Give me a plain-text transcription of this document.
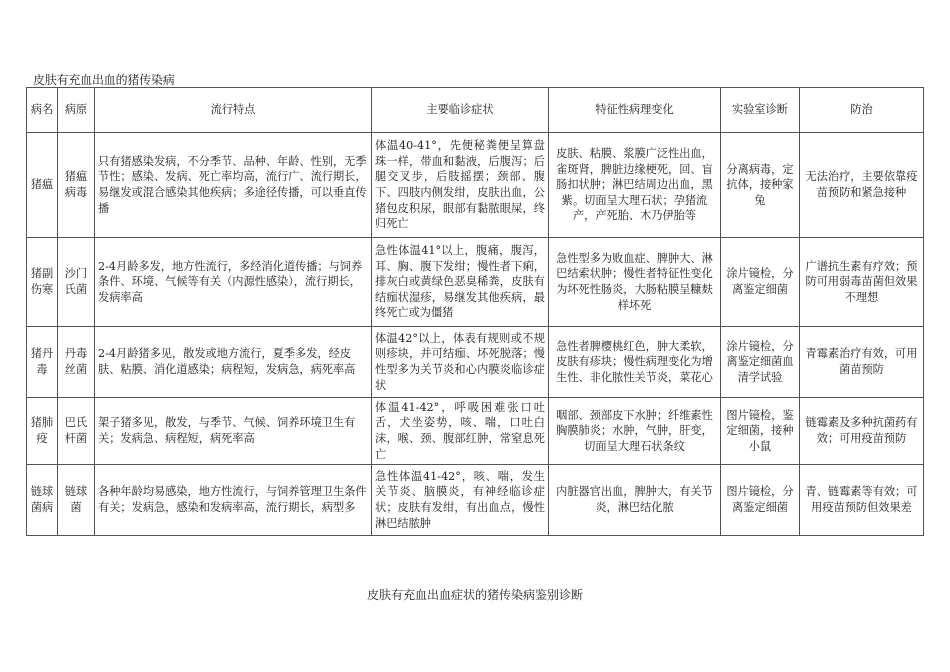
皮肤有充血出血的猪传染病
病名	病原	流行特点	主要临诊症状	特征性病理变化	实验室诊断	防治
猪瘟	猪瘟病毒	只有猪感染发病，不分季节、品种、年龄、性别，无季节性；感染、发病、死亡率均高，流行广、流行期长，易继发或混合感染其他疾病；多途径传播，可以垂直传播	体温40-41°，先便秘粪便呈算盘珠一样，带血和黏液，后腹泻；后腿交叉步，后肢摇摆；颈部、腹下、四肢内侧发绀，皮肤出血，公猪包皮积尿，眼部有黏脓眼屎，终归死亡	皮肤、粘膜、浆膜广泛性出血，雀斑肾，脾脏边缘梗死，回、盲肠扣状肿；淋巴结周边出血，黑紫。切面呈大理石状；孕猪流产，产死胎、木乃伊胎等	分离病毒，定抗体，接种家兔	无法治疗，主要依靠疫苗预防和紧急接种
猪副伤寒	沙门氏菌	2-4月龄多发，地方性流行，多经消化道传播；与饲养条件、环境、气候等有关（内源性感染），流行期长，发病率高	急性体温41°以上，腹痛，腹泻，耳、胸、腹下发绀；慢性者下痢，排灰白或黄绿色恶臭稀粪，皮肤有结痂状湿疹，易继发其他疾病，最终死亡或为僵猪	急性型多为败血症、脾肿大、淋巴结索状肿；慢性者特征性变化为坏死性肠炎，大肠粘膜呈糠麸样坏死	涂片镜检，分离鉴定细菌	广谱抗生素有疗效；预防可用弱毒苗菌但效果不理想
猪丹毒	丹毒丝菌	2-4月龄猪多见，散发或地方流行，夏季多发，经皮肤、粘膜、消化道感染；病程短，发病急，病死率高	体温42°以上，体表有规则或不规则疹块，并可结痂、坏死脱落；慢性型多为关节炎和心内膜炎临诊症状	急性者脾樱桃红色，肿大柔软，皮肤有疹块；慢性病理变化为增生性、非化脓性关节炎，菜花心	涂片镜检，分离鉴定细菌血清学试验	青霉素治疗有效，可用菌苗预防
猪肺疫	巴氏杆菌	架子猪多见，散发，与季节、气候、饲养环境卫生有关；发病急、病程短，病死率高	体温41-42°，呼吸困难张口吐舌，犬坐姿势，咳、喘，口吐白沫，喉、颈、腹部红肿，常窒息死亡	咽部、颈部皮下水肿；纤维素性胸膜肺炎；水肿，气肿，肝变，切面呈大理石状条纹	图片镜检，鉴定细菌，接种小鼠	链霉素及多种抗菌药有效；可用疫苗预防
链球菌病	链球菌	各种年龄均易感染，地方性流行，与饲养管理卫生条件有关；发病急，感染和发病率高，流行期长，病型多	急性体温41-42°，咳、喘，发生关节炎、脑膜炎，有神经临诊症状；皮肤有发绀，有出血点，慢性淋巴结脓肿	内脏器官出血，脾肿大，有关节炎，淋巴结化脓	图片镜检，分离鉴定细菌	青、链霉素等有效；可用疫苗预防但效果差
皮肤有充血出血症状的猪传染病鉴别诊断
